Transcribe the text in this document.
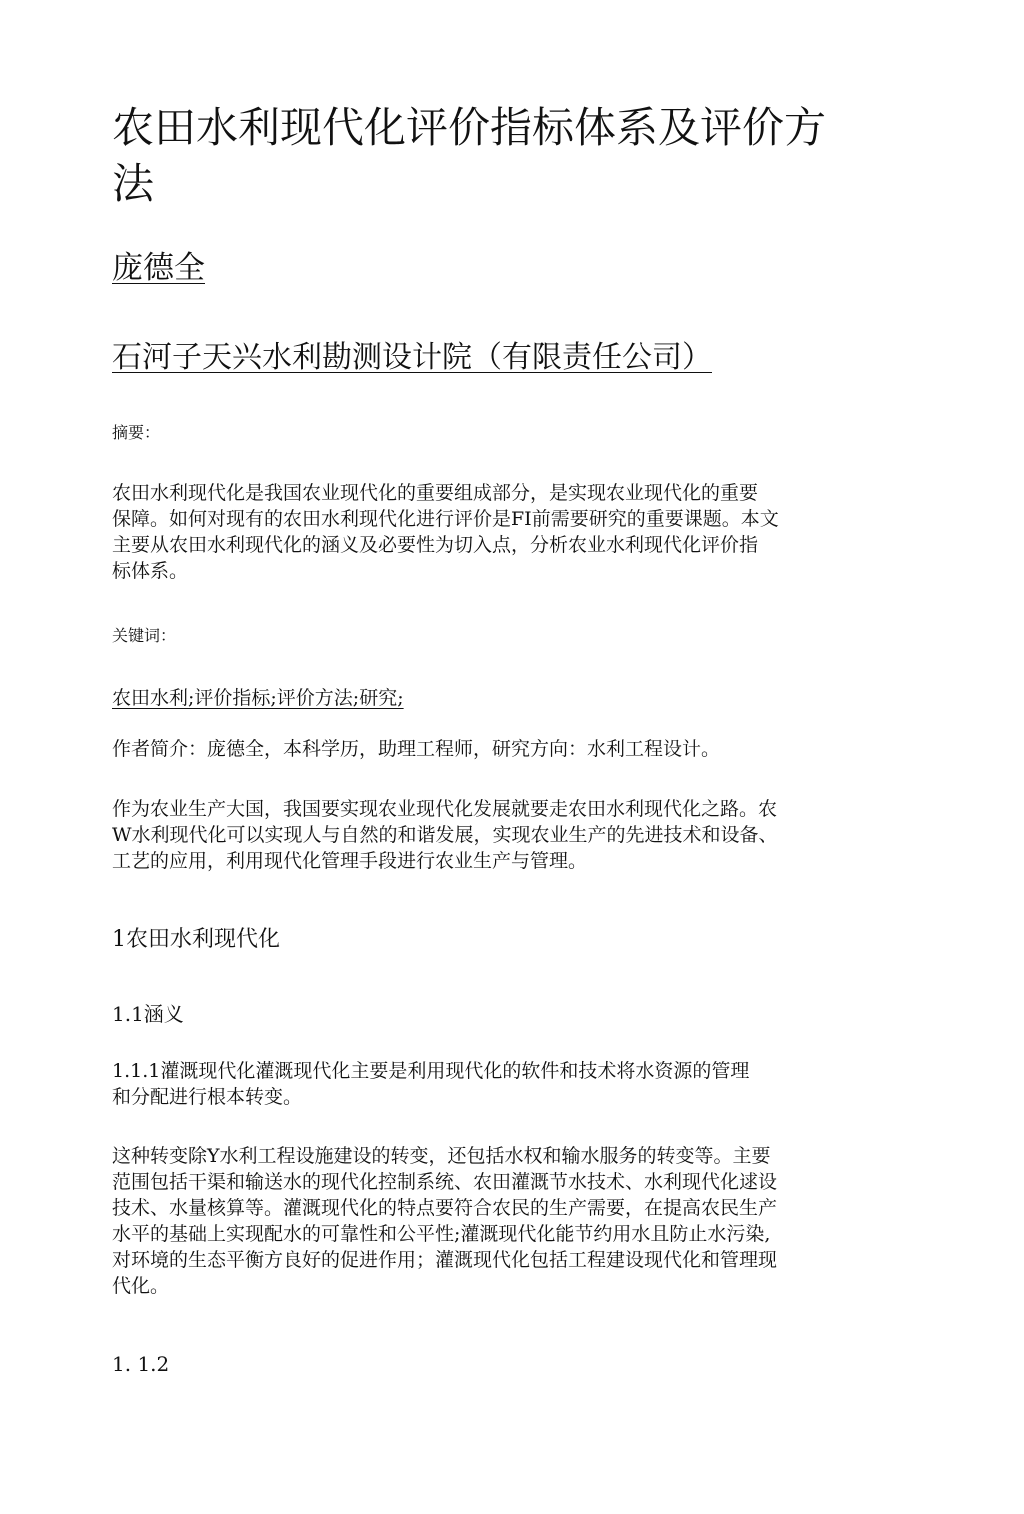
农田水利现代化评价指标体系及评价方
法
庞德全
石河子天兴水利勘测设计院（有限责任公司）
摘要：
农田水利现代化是我国农业现代化的重要组成部分，是实现农业现代化的重要
保障。如何对现有的农田水利现代化进行评价是FI前需要研究的重要课题。本文
主要从农田水利现代化的涵义及必要性为切入点，分析农业水利现代化评价指
标体系。
关键词：
农田水利;评价指标;评价方法;研究;
作者简介：庞德全，本科学历，助理工程师，研究方向：水利工程设计。
作为农业生产大国，我国要实现农业现代化发展就要走农田水利现代化之路。农
W水利现代化可以实现人与自然的和谐发展，实现农业生产的先进技术和设备、
工艺的应用，利用现代化管理手段进行农业生产与管理。
1农田水利现代化
1.1涵义
1.1.1灌溉现代化灌溉现代化主要是利用现代化的软件和技术将水资源的管理
和分配进行根本转变。
这种转变除Y水利工程设施建设的转变，还包括水权和输水服务的转变等。主要
范围包括干渠和输送水的现代化控制系统、农田灌溉节水技术、水利现代化逑设
技术、水量核算等。灌溉现代化的特点要符合农民的生产需要，在提高农民生产
水平的基础上实现配水的可靠性和公平性;灌溉现代化能节约用水且防止水污染,
对环境的生态平衡方良好的促进作用；灌溉现代化包括工程建设现代化和管理现
代化。
1. 1.2
